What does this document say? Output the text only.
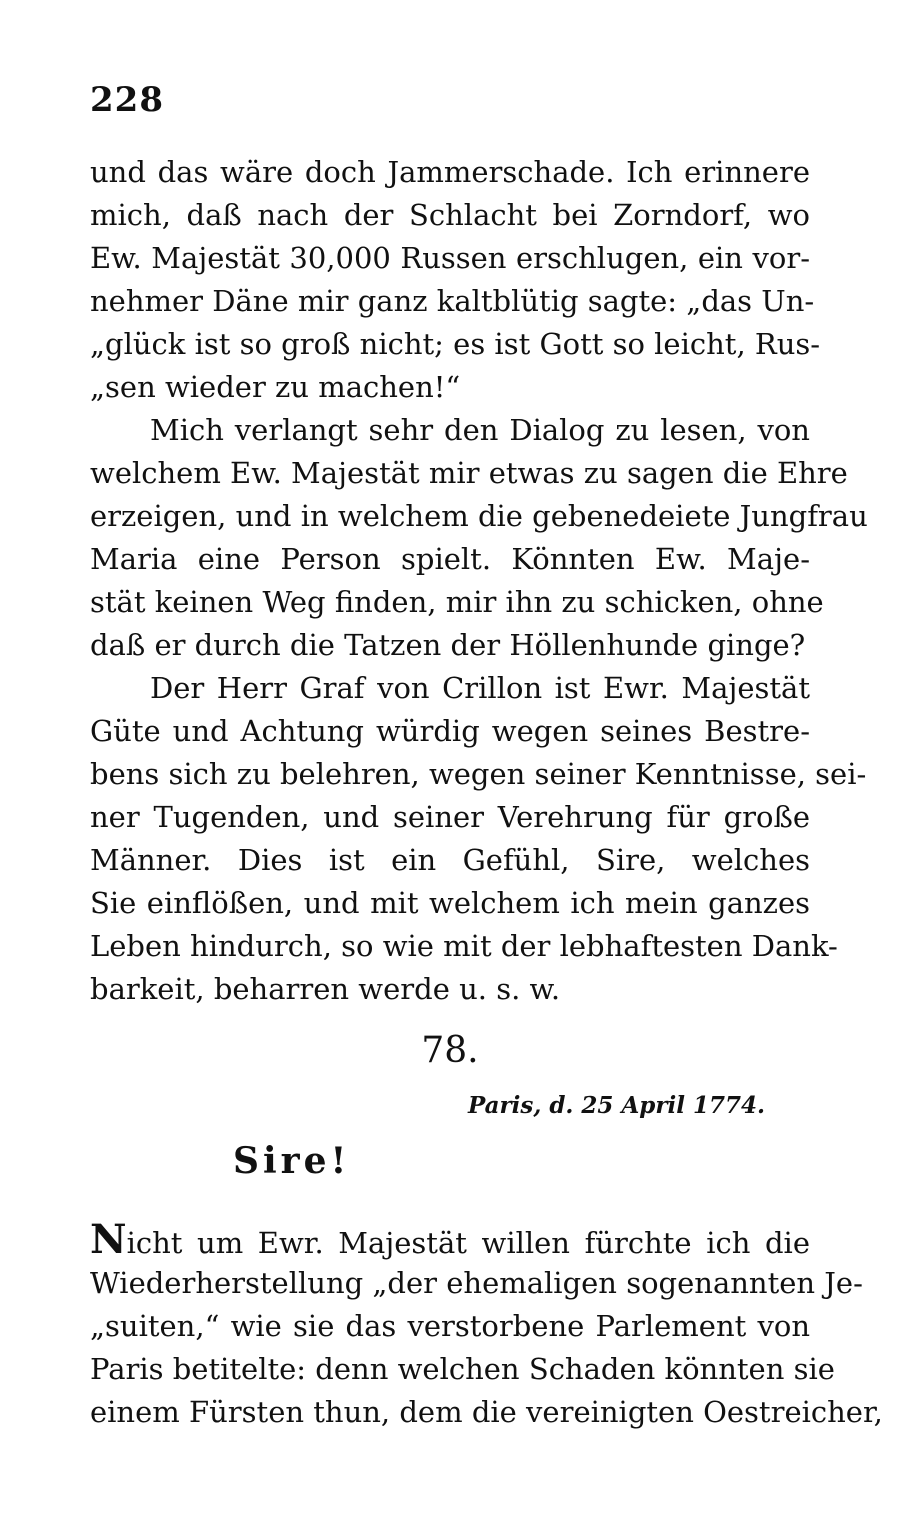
228
und das wäre doch Jammerschade. Ich erinnere
mich, daß nach der Schlacht bei Zorndorf, wo
Ew. Majestät 30,000 Russen erschlugen, ein vor-
nehmer Däne mir ganz kaltblütig sagte: „das Un-
„glück ist so groß nicht; es ist Gott so leicht, Rus-
„sen wieder zu machen!“
Mich verlangt sehr den Dialog zu lesen, von
welchem Ew. Majestät mir etwas zu sagen die Ehre
erzeigen, und in welchem die gebenedeiete Jungfrau
Maria eine Person spielt. Könnten Ew. Maje-
stät keinen Weg finden, mir ihn zu schicken, ohne
daß er durch die Tatzen der Höllenhunde ginge?
Der Herr Graf von Crillon ist Ewr. Majestät
Güte und Achtung würdig wegen seines Bestre-
bens sich zu belehren, wegen seiner Kenntnisse, sei-
ner Tugenden, und seiner Verehrung für große
Männer. Dies ist ein Gefühl, Sire, welches
Sie einflößen, und mit welchem ich mein ganzes
Leben hindurch, so wie mit der lebhaftesten Dank-
barkeit, beharren werde u. s. w.
78.
Paris, d. 25 April 1774.
Sire!
Nicht um Ewr. Majestät willen fürchte ich die
Wiederherstellung „der ehemaligen sogenannten Je-
„suiten,“ wie sie das verstorbene Parlement von
Paris betitelte: denn welchen Schaden könnten sie
einem Fürsten thun, dem die vereinigten Oestreicher,
